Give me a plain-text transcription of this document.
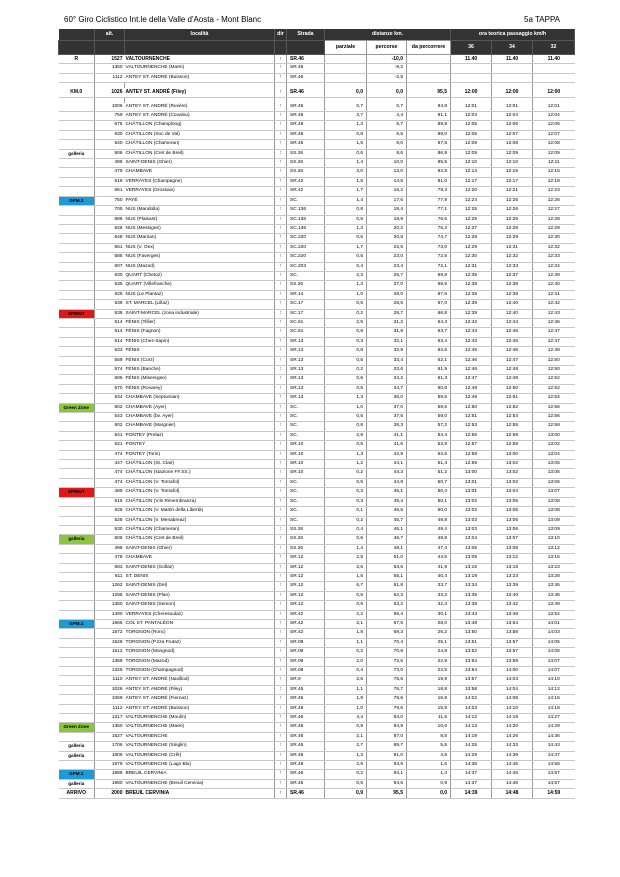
60° Giro Ciclistico Int.le della Valle d'Aosta - Mont Blanc	5a TAPPA
	alt.	località	dir	Strada	distanze km.			ora teorica passaggio km/h		
					parziale	percorse	da percorrere	36	34	32
R	1527	VALTOURNENCHE	↑	SR.46		-10,0		11.40	11.40	11.40
	1350	VALTOURNENCHE (Maën)	↑	SR.46		-8,2				
	1112	ANTEY ST. ANDRÉ (Buisson)	↑	SR.46		-2,9				

KM.0	1026	ANTEY ST. ANDRÉ (Filey)	↑	SR.46	0,0	0,0	95,5	12:00	12:00	12:00

	1006	ANTEY ST. ANDRÉ (Ruvère)	↑	SR.46	0,7	0,7	94,8	12:01	12:01	12:01
	759	ANTEY ST. ANDRÉ (Covalou)	↑	SR.46	3,7	4,4	91,1	12:04	12:04	12:04
	676	CHÂTILLON (Champlong)	↑	SR.46	1,3	5,7	89,8	12:05	12:06	12:06
	630	CHÂTILLON (Soc de Val)	↑	SR.46	0,8	6,5	89,0	12:06	12:07	12:07
	540	CHÂTILLON (Chameran)	↑	SR.46	1,5	8,0	87,5	12:08	12:08	12:08
galleria	506	CHÂTILLON (Cret de Breil)	↑	SS.26	0,6	8,6	86,9	12:09	12:09	12:09
	498	SAINT-DENIS (Ghier)	↑	SS.26	1,4	10,0	85,5	12:10	12:10	12:11
	479	CHAMBAVE	↑	SS.26	3,0	13,0	82,5	12:14	12:15	12:15
	518	VERRAYES (Champagne)	↑	SR.42	1,5	14,5	81,0	12:17	12:17	12:18
	661	VERRAYES (Grossaix)	↑	SR.42	1,7	16,2	79,3	12:20	12:21	12:23
GPM.3	750	PAYÉ	↑	SC.	1,4	17,6	77,9	12:24	12:25	12:26
	705	NUS (Mandolla)	↑	SC.136	0,8	18,4	77,1	12:25	12:26	12:27
	686	NUS (Plaisant)	↑	SC.136	0,5	18,9	76,6	12:25	12:26	12:28
	646	NUS (Messigné)	↑	SC.136	1,3	20,2	75,3	12:27	12:28	12:29
	648	NUS (Marsan)	↑	SC.220	0,6	20,8	74,7	12:28	12:29	12:30
	561	NUS (V. Gex)	↑	SC.220	1,7	22,5	73,0	12:29	12:31	12:32
	585	NUS (Faverges)	↑	SC.220	0,5	23,0	72,5	12:30	12:32	12:33
	607	NUS (Mazod)	↑	SC.203	0,4	23,4	72,1	12:31	12:33	12:34
	630	QUART (Chetoz)	↑	SC.	2,3	25,7	69,8	12:35	12:37	12:39
	535	QUART (Villefranche)	↑	SS.26	1,3	27,0	68,5	12:38	12:38	12:40
	525	NUS (Le Plantaz)	↑	SR.14	1,0	28,0	67,5	12:38	12:39	12:41
	539	ST. MARCEL (Lillaz)	↑	SC.17	0,5	28,5	67,0	12:39	12:40	12:42
SPRINT	538	SAINT-MARCEL (zona industriale)	↑	SC.17	0,2	28,7	66,8	12:39	12:40	12:43
	514	FÉNIS (Tillier)	↑	SC.61	2,5	31,2	64,3	12:42	12:44	12:46
	514	FÉNIS (Fagnon)	↑	SC.61	0,6	31,8	63,7	12:43	12:45	12:47
	514	FÉNIS (Chez-Sapin)	↑	SR.13	0,3	32,1	63,4	12:43	12:45	12:47
	533	FÉNIS	↑	SR.13	0,8	32,9	62,6	12:45	12:46	12:49
	559	FÉNIS (Corz)	↑	SR.13	0,5	33,4	62,1	12:46	12:47	12:50
	574	FÉNIS (Banche)	↑	SR.13	0,2	33,6	61,9	12:46	12:48	12:50
	585	FÉNIS (Miseregne)	↑	SR.13	0,6	34,2	61,3	12:47	12:49	12:52
	570	FÉNIS (Rovarey)	↑	SR.13	0,5	34,7	60,8	12:48	12:50	12:52
	534	CHAMBAVE (Septumian)	↑	SR.13	1,3	36,0	59,5	12:49	12:51	12:54
Green Zone	502	CHAMBAVE (Ayer)	↑	SC.	1,0	37,0	58,5	12:50	12:52	12:56
	543	CHAMBAVE (bv. Ayer)	↑	SC.	0,5	37,5	58,0	12:51	12:54	12:56
	602	CHAMBAVE (Margnier)	↑	SC.	0,8	38,3	57,2	12:53	12:55	12:58
	541	PONTEY (Prelaz)	↑	SC.	2,8	41,1	54,4	12:56	12:58	13:00
	521	PONTEY	↑	SR.10	0,5	41,6	53,9	12:57	12:59	13:02
	474	PONTEY (Torin)	↑	SR.10	1,3	42,9	52,6	12:58	13:00	13:04
	447	CHÂTILLON (St. Clair)	↑	SR.10	1,2	44,1	51,4	12:59	13:02	13:05
	474	CHÂTILLON (stazione FF.SS.)	↑	SR.10	0,2	44,3	51,2	13:00	13:02	13:05
	474	CHÂTILLON (V. Tornafol)	↑	SC.	0,5	44,8	50,7	13:01	13:02	13:06
SPRINT	489	CHÂTILLON (V. Tornafol)	↑	SC.	0,3	45,1	50,4	13:01	13:04	13:07
	515	CHÂTILLON (V.le Rimembranza)	↑	SC.	0,3	45,4	50,1	13:02	13:05	13:08
	526	CHÂTILLON (V. Martiri della Libertà)	↑	SC.	0,1	45,5	50,0	13:02	13:05	13:08
	528	CHÂTILLON (V. Menabreaz)	↑	SC.	0,2	45,7	49,8	13:03	13:05	13:09
	530	CHÂTILLON (Chameran)	↑	SS.26	0,4	46,1	49,4	13:03	13:06	13:09
galleria	506	CHÂTILLON (Cret de Breil)	↑	SS.26	0,6	46,7	48,8	13:04	13:07	13:10
	498	SAINT-DENIS (Ghier)	↑	SS.26	1,4	48,1	47,4	13:06	13:08	13:12
	478	CHAMBAVE	↑	SR.12	2,9	51,0	44,5	13:09	13:12	13:16
	683	SAINT-DENIS (Gollaz)	↑	SR.12	2,6	53,6	41,9	13:15	13:18	13:23
	811	ST. DENIS	↑	SR.12	1,5	55,1	40,4	13:19	13:23	13:28
	1262	SAINT-DENIS (Del)	↑	SR.12	6,7	61,8	33,7	13:34	13:39	13:45
	1295	SAINT-DENIS (Plan)	↑	SR.12	0,5	62,3	33,2	13:35	13:40	13:46
	1360	SAINT-DENIS (Semon)	↑	SR.12	0,9	63,2	32,3	13:38	13:42	13:49
	1490	VERRAYES (Cheresoulaz)	↑	SR.42	2,2	65,4	30,1	13:43	13:48	13:54
GPM.1	1666	COL ST. PANTALÉON	↑	SR.42	2,1	67,5	28,0	13:48	13:54	14:01
	1572	TORGNON (Ronc)	↑	SR.42	1,8	69,3	26,2	13:50	13:56	14:03
	1528	TORGNON (P.zza Frutaz)	↑	SR.09	1,1	70,4	25,1	13:51	13:57	14:05
	1512	TORGNON (Mongnod)	↑	SR.09	0,2	70,6	24,9	13:52	13:57	14:05
	1368	TORGNON (Mazod)	↑	SR.09	2,0	72,6	22,9	13:54	13:59	14:07
	1325	TORGNON (Champagnod)	↑	SR.09	0,4	73,0	22,5	13:54	14:00	14:07
	1110	ANTEY ST. ANDRÉ (Navillod)	↑	SR.9	2,6	75,6	19,9	13:57	14:03	14:10
	1026	ANTEY ST. ANDRÉ (Filey)	↑	SR.45	1,1	76,7	18,8	13:58	14:04	14:12
	1069	ANTEY ST. ANDRÉ (Fiernaz)	↑	SR.46	1,9	78,6	16,9	14:02	14:08	14:16
	1112	ANTEY ST. ANDRÉ (Buisson)	↑	SR.46	1,0	79,6	15,9	14:03	14:10	14:18
	1317	VALTOURNENCHE (Moulin)	↑	SR.46	4,4	84,0	11,5	14:12	14:18	14:27
Green Zone	1350	VALTOURNENCHE (Maën)	↑	SR.46	0,9	84,9	10,6	14:13	14:20	14:29
	1527	VALTOURNENCHE	↑	SR.46	2,1	87,0	8,5	14:19	14:26	14:36
galleria	1706	VALTOURNENCHE (Singlin)	↑	SR.46	2,7	89,7	5,8	14:25	14:32	14:43
galleria	1809	VALTOURNENCHE (Crêt)	↑	SR.46	1,3	91,0	4,5	14:29	14:36	14:47
	1979	VALTOURNENCHE (Lago Blu)	↑	SR.46	2,9	93,9	1,6	14:36	14:45	14:56
GPM.1	1988	BREUIL CERVINIA	↑	SR.46	0,2	94,1	1,4	14:37	14:45	14:57
galleria	1980	VALTOURNENCHE (Breuil Cervinia)	↑	SR.46	0,5	94,6	0,9	14:37	14:46	14:57
ARRIVO	2000	BREUIL CERVINIA	↑	SR.46	0,9	95,5	0,0	14:39	14:48	14:59
